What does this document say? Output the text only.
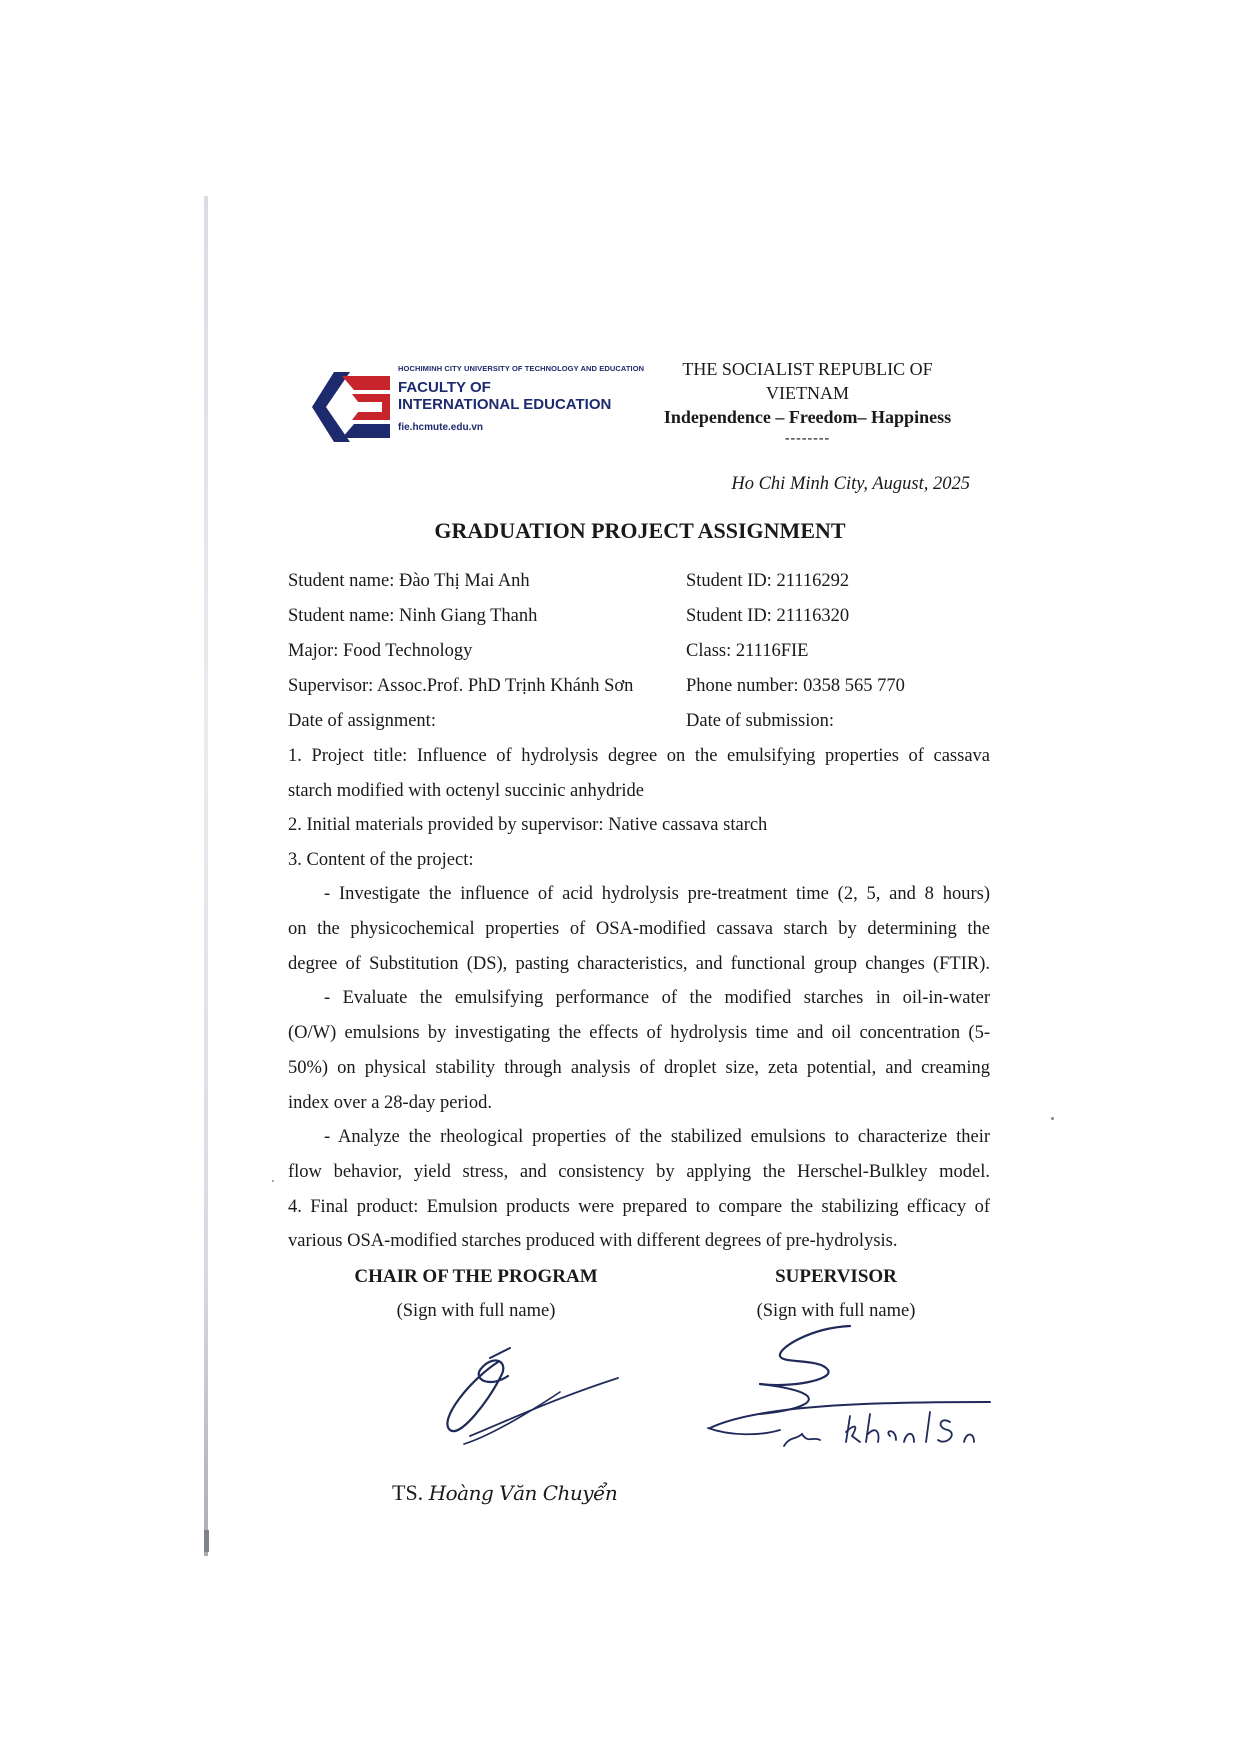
HOCHIMINH CITY UNIVERSITY OF TECHNOLOGY AND EDUCATION
FACULTY OF
INTERNATIONAL EDUCATION
fie.hcmute.edu.vn
THE SOCIALIST REPUBLIC OF VIETNAM
Independence – Freedom– Happiness
--------
Ho Chi Minh City, August, 2025
GRADUATION PROJECT ASSIGNMENT
Student name: Đào Thị Mai Anh	Student ID: 21116292
Student name: Ninh Giang Thanh	Student ID: 21116320
Major: Food Technology	Class: 21116FIE
Supervisor: Assoc.Prof. PhD Trịnh Khánh Sơn	Phone number: 0358 565 770
Date of assignment:	Date of submission:
1. Project title: Influence of hydrolysis degree on the emulsifying properties of cassava
starch modified with octenyl succinic anhydride
2. Initial materials provided by supervisor: Native cassava starch
3. Content of the project:
- Investigate the influence of acid hydrolysis pre-treatment time (2, 5, and 8 hours)
on the physicochemical properties of OSA-modified cassava starch by determining the
degree of Substitution (DS), pasting characteristics, and functional group changes (FTIR).
- Evaluate the emulsifying performance of the modified starches in oil-in-water
(O/W) emulsions by investigating the effects of hydrolysis time and oil concentration (5-
50%) on physical stability through analysis of droplet size, zeta potential, and creaming
index over a 28-day period.
- Analyze the rheological properties of the stabilized emulsions to characterize their
flow behavior, yield stress, and consistency by applying the Herschel-Bulkley model.
4. Final product: Emulsion products were prepared to compare the stabilizing efficacy of
various OSA-modified starches produced with different degrees of pre-hydrolysis.
CHAIR OF THE PROGRAM
(Sign with full name)
SUPERVISOR
(Sign with full name)
TS. Hoàng Văn Chuyển
